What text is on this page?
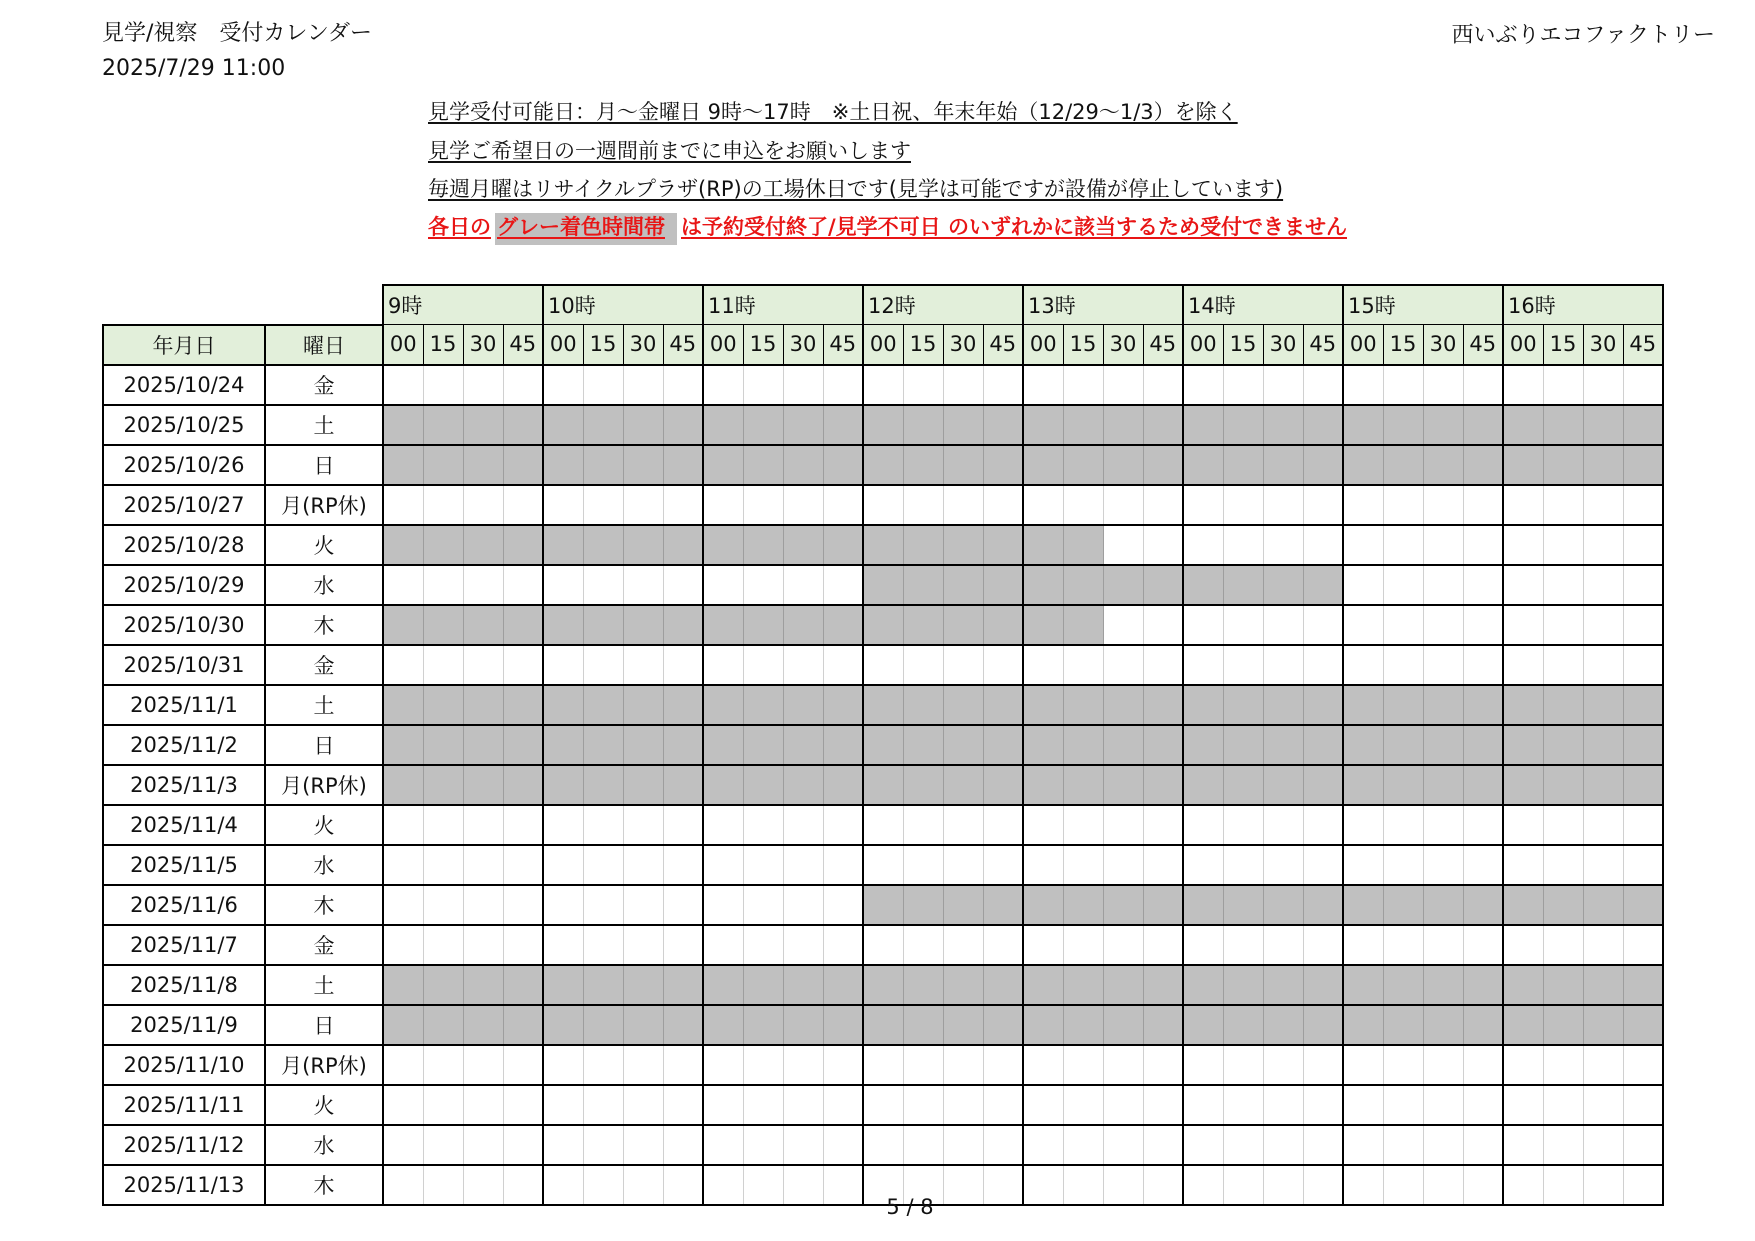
見学/視察　受付カレンダー
2025/7/29 11:00
西いぶりエコファクトリー
見学受付可能日：月～金曜日 9時～17時　※土日祝、年末年始（12/29～1/3）を除く
見学ご希望日の一週間前までに申込をお願いします
毎週月曜はリサイクルプラザ(RP)の工場休日です(見学は可能ですが設備が停止しています)
各日の グレー着色時間帯 は予約受付終了/見学不可日 のいずれかに該当するため受付できません
		9時				10時				11時				12時				13時				14時				15時				16時			
年月日	曜日	00	15	30	45	00	15	30	45	00	15	30	45	00	15	30	45	00	15	30	45	00	15	30	45	00	15	30	45	00	15	30	45
2025/10/24	金																																
2025/10/25	土																																
2025/10/26	日																																
2025/10/27	月(RP休)																																
2025/10/28	火																																
2025/10/29	水																																
2025/10/30	木																																
2025/10/31	金																																
2025/11/1	土																																
2025/11/2	日																																
2025/11/3	月(RP休)																																
2025/11/4	火																																
2025/11/5	水																																
2025/11/6	木																																
2025/11/7	金																																
2025/11/8	土																																
2025/11/9	日																																
2025/11/10	月(RP休)																																
2025/11/11	火																																
2025/11/12	水																																
2025/11/13	木																																
5 / 8
